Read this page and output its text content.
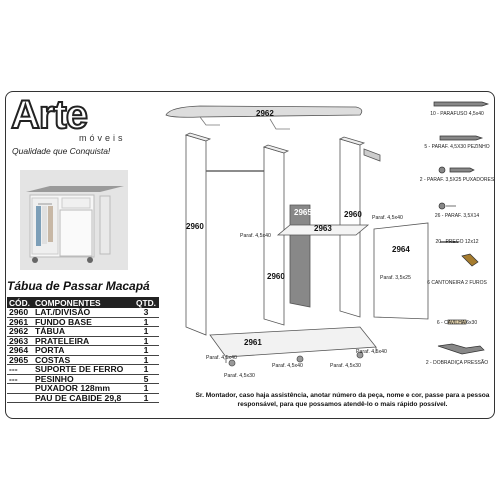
Arte
móveis
Qualidade que Conquista!
Tábua de Passar Macapá
CÓD.	COMPONENTES	QTD.
2960	LAT./DIVISÃO	3
2961	FUNDO BASE	1
2962	TÁBUA	1
2963	PRATELEIRA	1
2964	PORTA	1
2965	COSTAS	1
---	SUPORTE DE FERRO	1
---	PESINHO	5
	PUXADOR 128mm	1
	PAU DE CABIDE 29,8	1
2962
2960
2960
2960
2965
2963
2964
2961
Paraf. 4,5x40
Paraf. 4,5x40
Paraf. 3,5x25
Paraf. 4,5x40
Paraf. 4,5x30
Paraf. 4,5x40	Paraf. 4,5x30
Paraf. 4,5x40
10 - PARAFUSO 4,5x40
5 - PARAF. 4,5X30 PEZINHO
2 - PARAF. 3,5X25 PUXADORES
26 - PARAF. 3,5X14
20 - PREGO 12x12
6 CANTONEIRA 2 FUROS
6 - CAVILHA 6x30
2 - DOBRADIÇA PRESSÃO
Sr. Montador, caso haja assistência, anotar número da peça, nome e cor, passe para a pessoa responsável, para que possamos atendê-lo o mais rápido possível.
